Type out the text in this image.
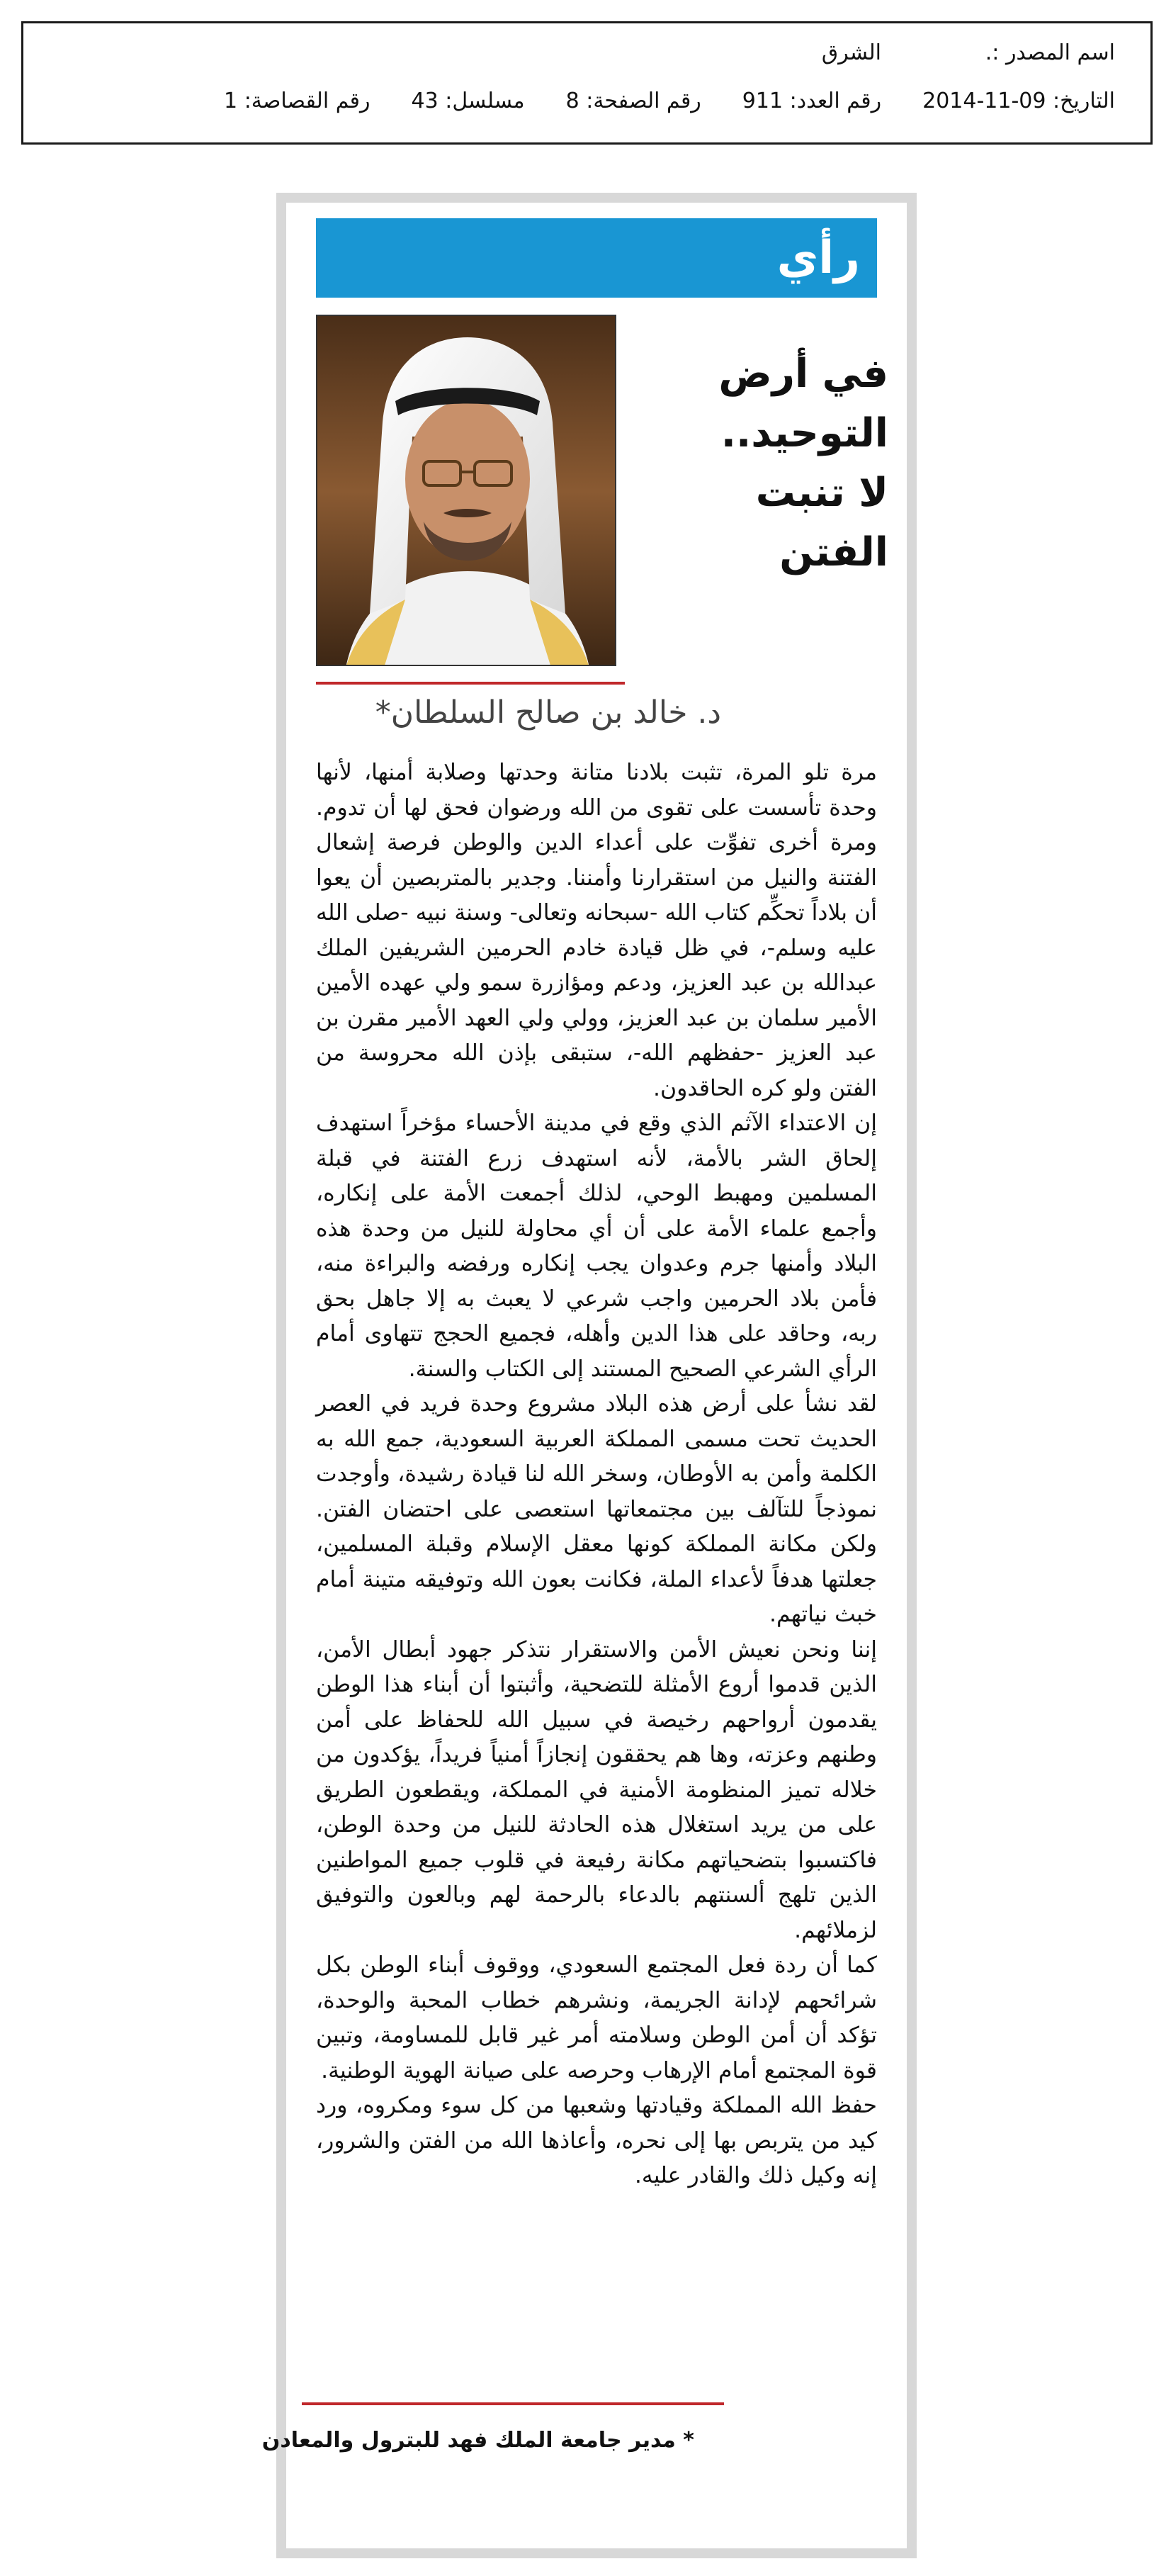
اسم المصدر :.
الشرق
التاريخ: 2014-11-09
رقم العدد: 911
رقم الصفحة: 8
مسلسل: 43
رقم القصاصة: 1
رأي
في أرض
التوحيد..
لا تنبت
الفتن
د. خالد بن صالح السلطان*

مرة تلو المرة، تثبت بلادنا متانة وحدتها وصلابة أمنها، لأنها وحدة تأسست على تقوى من الله ورضوان فحق لها أن تدوم. ومرة أخرى تفوِّت على أعداء الدين والوطن فرصة إشعال الفتنة والنيل من استقرارنا وأمننا. وجدير بالمتربصين أن يعوا أن بلاداً تحكِّم كتاب الله -سبحانه وتعالى- وسنة نبيه -صلى الله عليه وسلم-، في ظل قيادة خادم الحرمين الشريفين الملك عبدالله بن عبد العزيز، ودعم ومؤازرة سمو ولي عهده الأمين الأمير سلمان بن عبد العزيز، وولي ولي العهد الأمير مقرن بن عبد العزيز -حفظهم الله-، ستبقى بإذن الله محروسة من الفتن ولو كره الحاقدون.

إن الاعتداء الآثم الذي وقع في مدينة الأحساء مؤخراً استهدف إلحاق الشر بالأمة، لأنه استهدف زرع الفتنة في قبلة المسلمين ومهبط الوحي، لذلك أجمعت الأمة على إنكاره، وأجمع علماء الأمة على أن أي محاولة للنيل من وحدة هذه البلاد وأمنها جرم وعدوان يجب إنكاره ورفضه والبراءة منه، فأمن بلاد الحرمين واجب شرعي لا يعبث به إلا جاهل بحق ربه، وحاقد على هذا الدين وأهله، فجميع الحجج تتهاوى أمام الرأي الشرعي الصحيح المستند إلى الكتاب والسنة.

لقد نشأ على أرض هذه البلاد مشروع وحدة فريد في العصر الحديث تحت مسمى المملكة العربية السعودية، جمع الله به الكلمة وأمن به الأوطان، وسخر الله لنا قيادة رشيدة، وأوجدت نموذجاً للتآلف بين مجتمعاتها استعصى على احتضان الفتن. ولكن مكانة المملكة كونها معقل الإسلام وقبلة المسلمين، جعلتها هدفاً لأعداء الملة، فكانت بعون الله وتوفيقه متينة أمام خبث نياتهم.

إننا ونحن نعيش الأمن والاستقرار نتذكر جهود أبطال الأمن، الذين قدموا أروع الأمثلة للتضحية، وأثبتوا أن أبناء هذا الوطن يقدمون أرواحهم رخيصة في سبيل الله للحفاظ على أمن وطنهم وعزته، وها هم يحققون إنجازاً أمنياً فريداً، يؤكدون من خلاله تميز المنظومة الأمنية في المملكة، ويقطعون الطريق على من يريد استغلال هذه الحادثة للنيل من وحدة الوطن، فاكتسبوا بتضحياتهم مكانة رفيعة في قلوب جميع المواطنين الذين تلهج ألسنتهم بالدعاء بالرحمة لهم وبالعون والتوفيق لزملائهم.

كما أن ردة فعل المجتمع السعودي، ووقوف أبناء الوطن بكل شرائحهم لإدانة الجريمة، ونشرهم خطاب المحبة والوحدة، تؤكد أن أمن الوطن وسلامته أمر غير قابل للمساومة، وتبين قوة المجتمع أمام الإرهاب وحرصه على صيانة الهوية الوطنية.

حفظ الله المملكة وقيادتها وشعبها من كل سوء ومكروه، ورد كيد من يتربص بها إلى نحره، وأعاذها الله من الفتن والشرور، إنه وكيل ذلك والقادر عليه.

* مدير جامعة الملك فهد للبترول والمعادن
